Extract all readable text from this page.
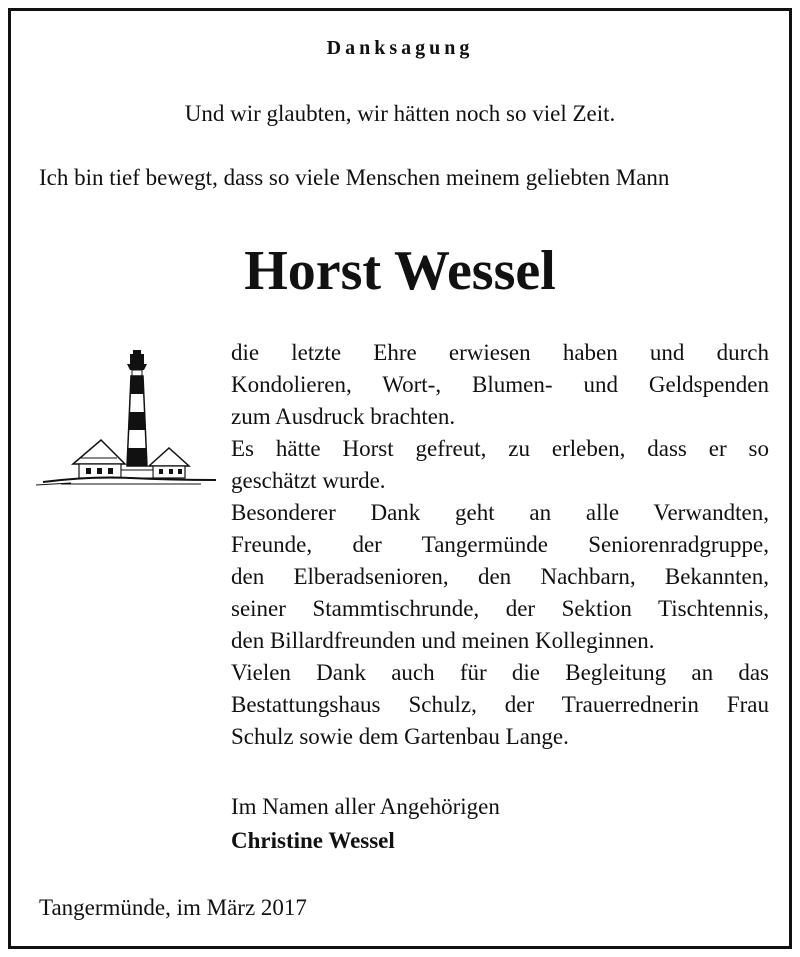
Danksagung
Und wir glaubten, wir hätten noch so viel Zeit.
Ich bin tief bewegt, dass so viele Menschen meinem geliebten Mann
Horst Wessel
die letzte Ehre erwiesen haben und durch
Kondolieren, Wort-, Blumen- und Geldspenden
zum Ausdruck brachten.
Es hätte Horst gefreut, zu erleben, dass er so
geschätzt wurde.
Besonderer Dank geht an alle Verwandten,
Freunde, der Tangermünde Seniorenradgruppe,
den Elberadsenioren, den Nachbarn, Bekannten,
seiner Stammtischrunde, der Sektion Tischtennis,
den Billardfreunden und meinen Kolleginnen.
Vielen Dank auch für die Begleitung an das
Bestattungshaus Schulz, der Trauerrednerin Frau
Schulz sowie dem Gartenbau Lange.
Im Namen aller Angehörigen
Christine Wessel
Tangermünde, im März 2017
